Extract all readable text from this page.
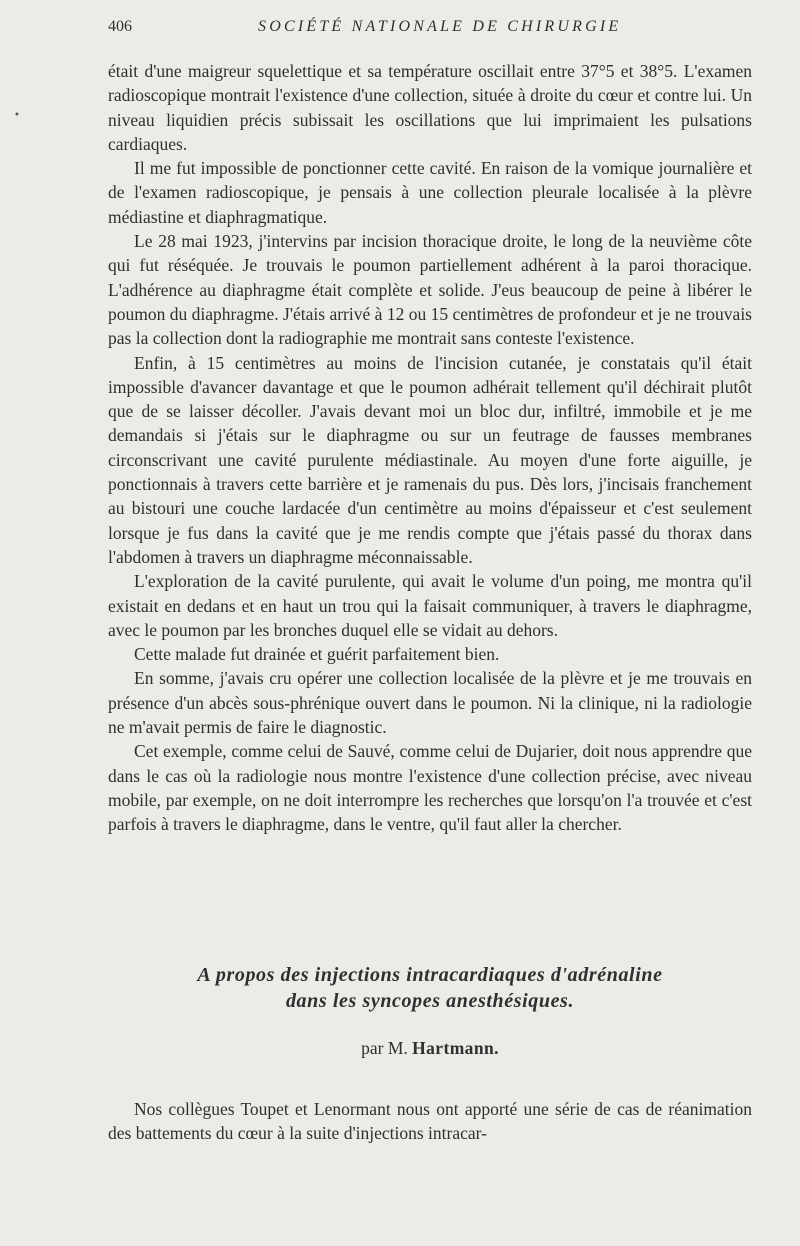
406	SOCIÉTÉ NATIONALE DE CHIRURGIE
•

était d'une maigreur squelettique et sa température oscillait entre 37°5 et 38°5. L'examen radioscopique montrait l'existence d'une collection, située à droite du cœur et contre lui. Un niveau liquidien précis subissait les oscillations que lui imprimaient les pulsations cardiaques.

Il me fut impossible de ponctionner cette cavité. En raison de la vomique journalière et de l'examen radioscopique, je pensais à une collection pleurale localisée à la plèvre médiastine et diaphragmatique.

Le 28 mai 1923, j'intervins par incision thoracique droite, le long de la neuvième côte qui fut réséquée. Je trouvais le poumon partiellement adhérent à la paroi thoracique. L'adhérence au diaphragme était complète et solide. J'eus beaucoup de peine à libérer le poumon du diaphragme. J'étais arrivé à 12 ou 15 centimètres de profondeur et je ne trouvais pas la collection dont la radiographie me montrait sans conteste l'existence.

Enfin, à 15 centimètres au moins de l'incision cutanée, je constatais qu'il était impossible d'avancer davantage et que le poumon adhérait tellement qu'il déchirait plutôt que de se laisser décoller. J'avais devant moi un bloc dur, infiltré, immobile et je me demandais si j'étais sur le diaphragme ou sur un feutrage de fausses membranes circonscrivant une cavité purulente médiastinale. Au moyen d'une forte aiguille, je ponctionnais à travers cette barrière et je ramenais du pus. Dès lors, j'incisais franchement au bistouri une couche lardacée d'un centimètre au moins d'épaisseur et c'est seulement lorsque je fus dans la cavité que je me rendis compte que j'étais passé du thorax dans l'abdomen à travers un diaphragme méconnaissable.

L'exploration de la cavité purulente, qui avait le volume d'un poing, me montra qu'il existait en dedans et en haut un trou qui la faisait communiquer, à travers le diaphragme, avec le poumon par les bronches duquel elle se vidait au dehors.

Cette malade fut drainée et guérit parfaitement bien.

En somme, j'avais cru opérer une collection localisée de la plèvre et je me trouvais en présence d'un abcès sous-phrénique ouvert dans le poumon. Ni la clinique, ni la radiologie ne m'avait permis de faire le diagnostic.

Cet exemple, comme celui de Sauvé, comme celui de Dujarier, doit nous apprendre que dans le cas où la radiologie nous montre l'existence d'une collection précise, avec niveau mobile, par exemple, on ne doit interrompre les recherches que lorsqu'on l'a trouvée et c'est parfois à travers le diaphragme, dans le ventre, qu'il faut aller la chercher.

A propos des injections intracardiaques d'adrénaline
dans les syncopes anesthésiques.
par M. Hartmann.

Nos collègues Toupet et Lenormant nous ont apporté une série de cas de réanimation des battements du cœur à la suite d'injections intracar-
